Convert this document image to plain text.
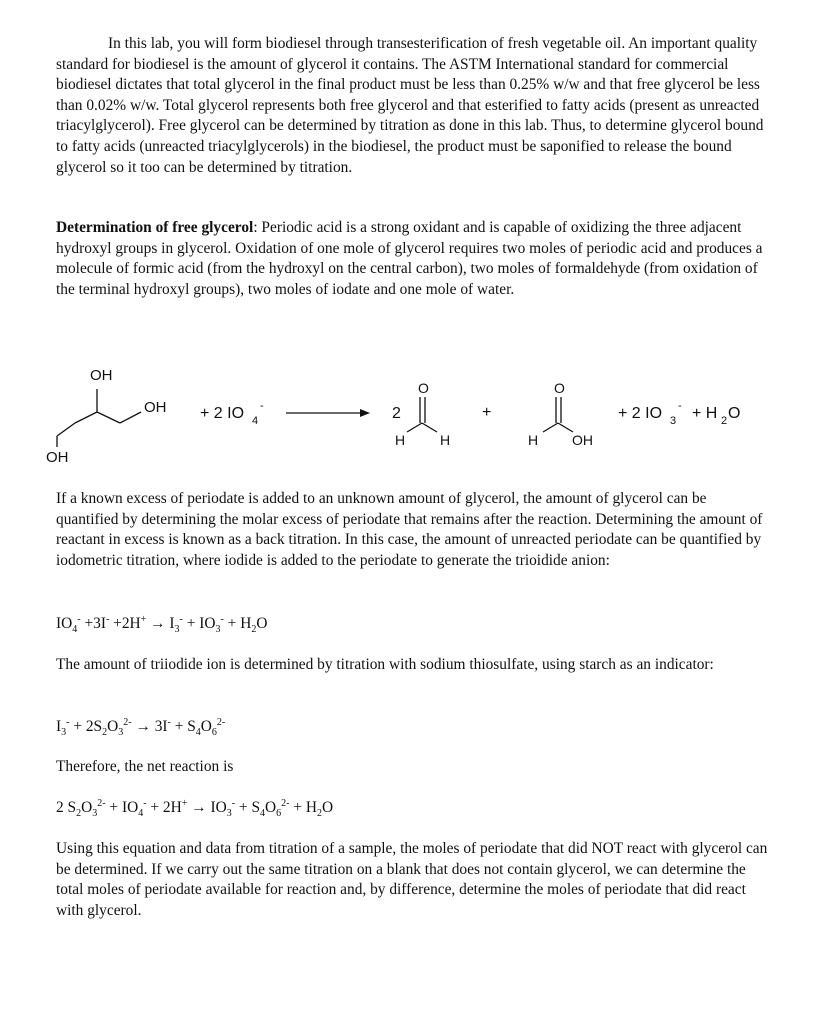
In this lab, you will form biodiesel through transesterification of fresh vegetable oil. An important quality standard for biodiesel is the amount of glycerol it contains. The ASTM International standard for commercial biodiesel dictates that total glycerol in the final product must be less than 0.25% w/w and that free glycerol be less than 0.02% w/w. Total glycerol represents both free glycerol and that esterified to fatty acids (present as unreacted triacylglycerol). Free glycerol can be determined by titration as done in this lab. Thus, to determine glycerol bound to fatty acids (unreacted triacylglycerols) in the biodiesel, the product must be saponified to release the bound glycerol so it too can be determined by titration.

Determination of free glycerol: Periodic acid is a strong oxidant and is capable of oxidizing the three adjacent hydroxyl groups in glycerol. Oxidation of one mole of glycerol requires two moles of periodic acid and produces a molecule of formic acid (from the hydroxyl on the central carbon), two moles of formaldehyde (from oxidation of the terminal hydroxyl groups), two moles of iodate and one mole of water.

OH
OH
OH
+ 2 IO 4
-	2
O
H H
+
O
H OH
+ 2 IO 3
- + H 2 O

If a known excess of periodate is added to an unknown amount of glycerol, the amount of glycerol can be quantified by determining the molar excess of periodate that remains after the reaction. Determining the amount of reactant in excess is known as a back titration. In this case, the amount of unreacted periodate can be quantified by iodometric titration, where iodide is added to the periodate to generate the trioidide anion:

$IO_4^- +3I^- +2H^+ \to I_3^- + IO_3^- + H_2O$

The amount of triiodide ion is determined by titration with sodium thiosulfate, using starch as an indicator:

$I_3^- + 2S_2O_3^{2-} \to 3I^- + S_4O_6^{2-}$

Therefore, the net reaction is

2 $S_2O_3^{2-} + IO_4^- + 2H^+ \to IO_3^- + S_4O_6^{2-} + H_2O$

Using this equation and data from titration of a sample, the moles of periodate that did NOT react with glycerol can be determined. If we carry out the same titration on a blank that does not contain glycerol, we can determine the total moles of periodate available for reaction and, by difference, determine the moles of periodate that did react with glycerol.
